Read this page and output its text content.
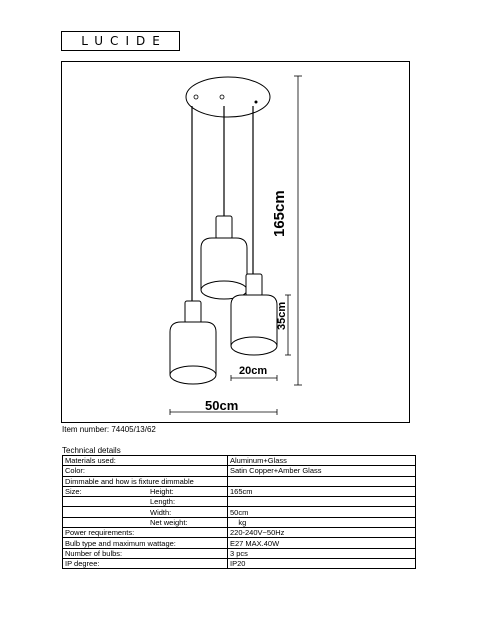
LUCIDE
50cm
20cm
165cm
35cm
Item number: 74405/13/62
Technical details
Materials used:	Aluminum+Glass
Color:	Satin Copper+Amber Glass
Dimmable and how is fixture dimmable	
Size: Height:	165cm
Length:	
Width:	50cm
Net weight:	kg
Power requirements:	220-240V~50Hz
Bulb type and maximum wattage:	E27 MAX.40W
Number of bulbs:	3 pcs
IP degree:	IP20
